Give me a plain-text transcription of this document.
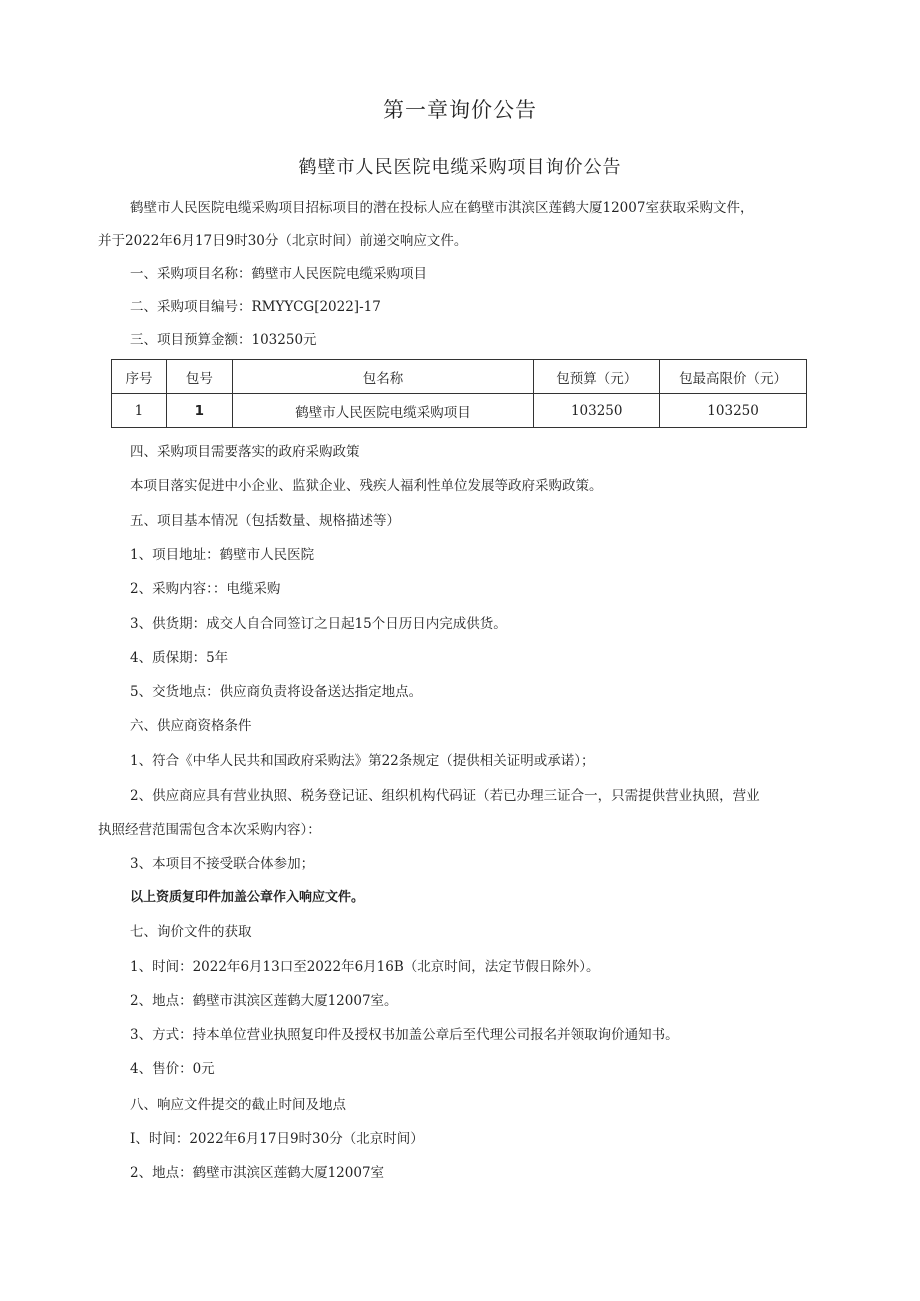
第一章询价公告
鹤壁市人民医院电缆采购项目询价公告
鹤壁市人民医院电缆采购项目招标项目的潜在投标人应在鹤壁市淇滨区莲鹤大厦12007室获取采购文件，
并于2022年6月17日9时30分（北京时间）前递交响应文件。
一、采购项目名称：鹤壁市人民医院电缆采购项目
二、采购项目编号：RMYYCG[2022]-17
三、项目预算金额：103250元
序号	包号	包名称	包预算（元）	包最高限价（元）
1	1	鹤壁市人民医院电缆采购项目	103250	103250
四、采购项目需要落实的政府采购政策
本项目落实促进中小企业、监狱企业、残疾人福利性单位发展等政府采购政策。
五、项目基本情况（包括数量、规格描述等）
1、项目地址：鹤壁市人民医院
2、采购内容：：电缆采购
3、供货期：成交人自合同签订之日起15个日历日内完成供货。
4、质保期：5年
5、交货地点：供应商负责将设备送达指定地点。
六、供应商资格条件
1、符合《中华人民共和国政府采购法》第22条规定（提供相关证明或承诺）；
2、供应商应具有营业执照、税务登记证、组织机构代码证（若已办理三证合一，只需提供营业执照，营业
执照经营范围需包含本次采购内容）：
3、本项目不接受联合体参加；
以上资质复印件加盖公章作入响应文件。
七、询价文件的获取
1、时间：2022年6月13口至2022年6月16B（北京时间，法定节假日除外）。
2、地点：鹤壁市淇滨区莲鹤大厦12007室。
3、方式：持本单位营业执照复印件及授权书加盖公章后至代理公司报名并领取询价通知书。
4、售价：0元
八、响应文件提交的截止时间及地点
I、时间：2022年6月17日9时30分（北京时间）
2、地点：鹤壁市淇滨区莲鹤大厦12007室
